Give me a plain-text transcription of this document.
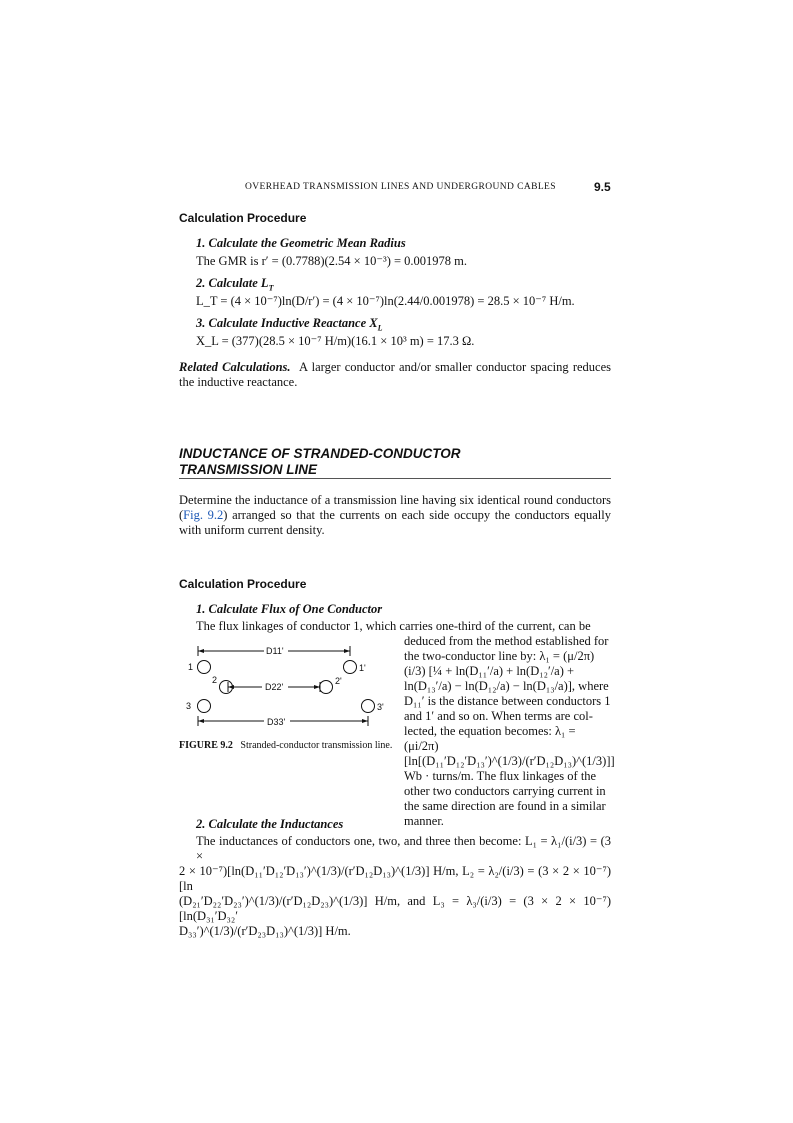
OVERHEAD TRANSMISSION LINES AND UNDERGROUND CABLES	9.5
Calculation Procedure
1. Calculate the Geometric Mean Radius
The GMR is r′ = (0.7788)(2.54 × 10⁻³) = 0.001978 m.
2. Calculate $L_T$
L_T = (4 × 10⁻⁷)ln(D/r′) = (4 × 10⁻⁷)ln(2.44/0.001978) = 28.5 × 10⁻⁷ H/m.
3. Calculate Inductive Reactance $X_L$
X_L = (377)(28.5 × 10⁻⁷ H/m)(16.1 × 10³ m) = 17.3 Ω.
Related Calculations. A larger conductor and/or smaller conductor spacing reduces the inductive reactance.
INDUCTANCE OF STRANDED-CONDUCTOR
TRANSMISSION LINE
Determine the inductance of a transmission line having six identical round conductors (Fig. 9.2) arranged so that the currents on each side occupy the conductors equally with uniform current density.
Calculation Procedure
1. Calculate Flux of One Conductor
The flux linkages of conductor 1, which carries one-third of the current, can be
deduced from the method established for
the two-conductor line by: λ₁ = (μ/2π)
(i/3) [¼ + ln(D₁₁′/a) + ln(D₁₂′/a) +
ln(D₁₃′/a) − ln(D₁₂/a) − ln(D₁₃/a)], where
D₁₁′ is the distance between conductors 1
and 1′ and so on. When terms are col-
lected, the equation becomes: λ₁ =
(μi/2π) [ln[(D₁₁′D₁₂′D₁₃′)^(1/3)/(r′D₁₂D₁₃)^(1/3)]]
Wb · turns/m. The flux linkages of the
other two conductors carrying current in
the same direction are found in a similar
manner.
D11'
D22'
D33'
1
2
3
1'
2'
3'
FIGURE 9.2 Stranded-conductor transmission line.
2. Calculate the Inductances
The inductances of conductors one, two, and three then become: L₁ = λ₁/(i/3) = (3 ×
2 × 10⁻⁷)[ln(D₁₁′D₁₂′D₁₃′)^(1/3)/(r′D₁₂D₁₃)^(1/3)] H/m, L₂ = λ₂/(i/3) = (3 × 2 × 10⁻⁷) [ln
(D₂₁′D₂₂′D₂₃′)^(1/3)/(r′D₁₂D₂₃)^(1/3)] H/m, and L₃ = λ₃/(i/3) = (3 × 2 × 10⁻⁷) [ln(D₃₁′D₃₂′
D₃₃′)^(1/3)/(r′D₂₃D₁₃)^(1/3)] H/m.
